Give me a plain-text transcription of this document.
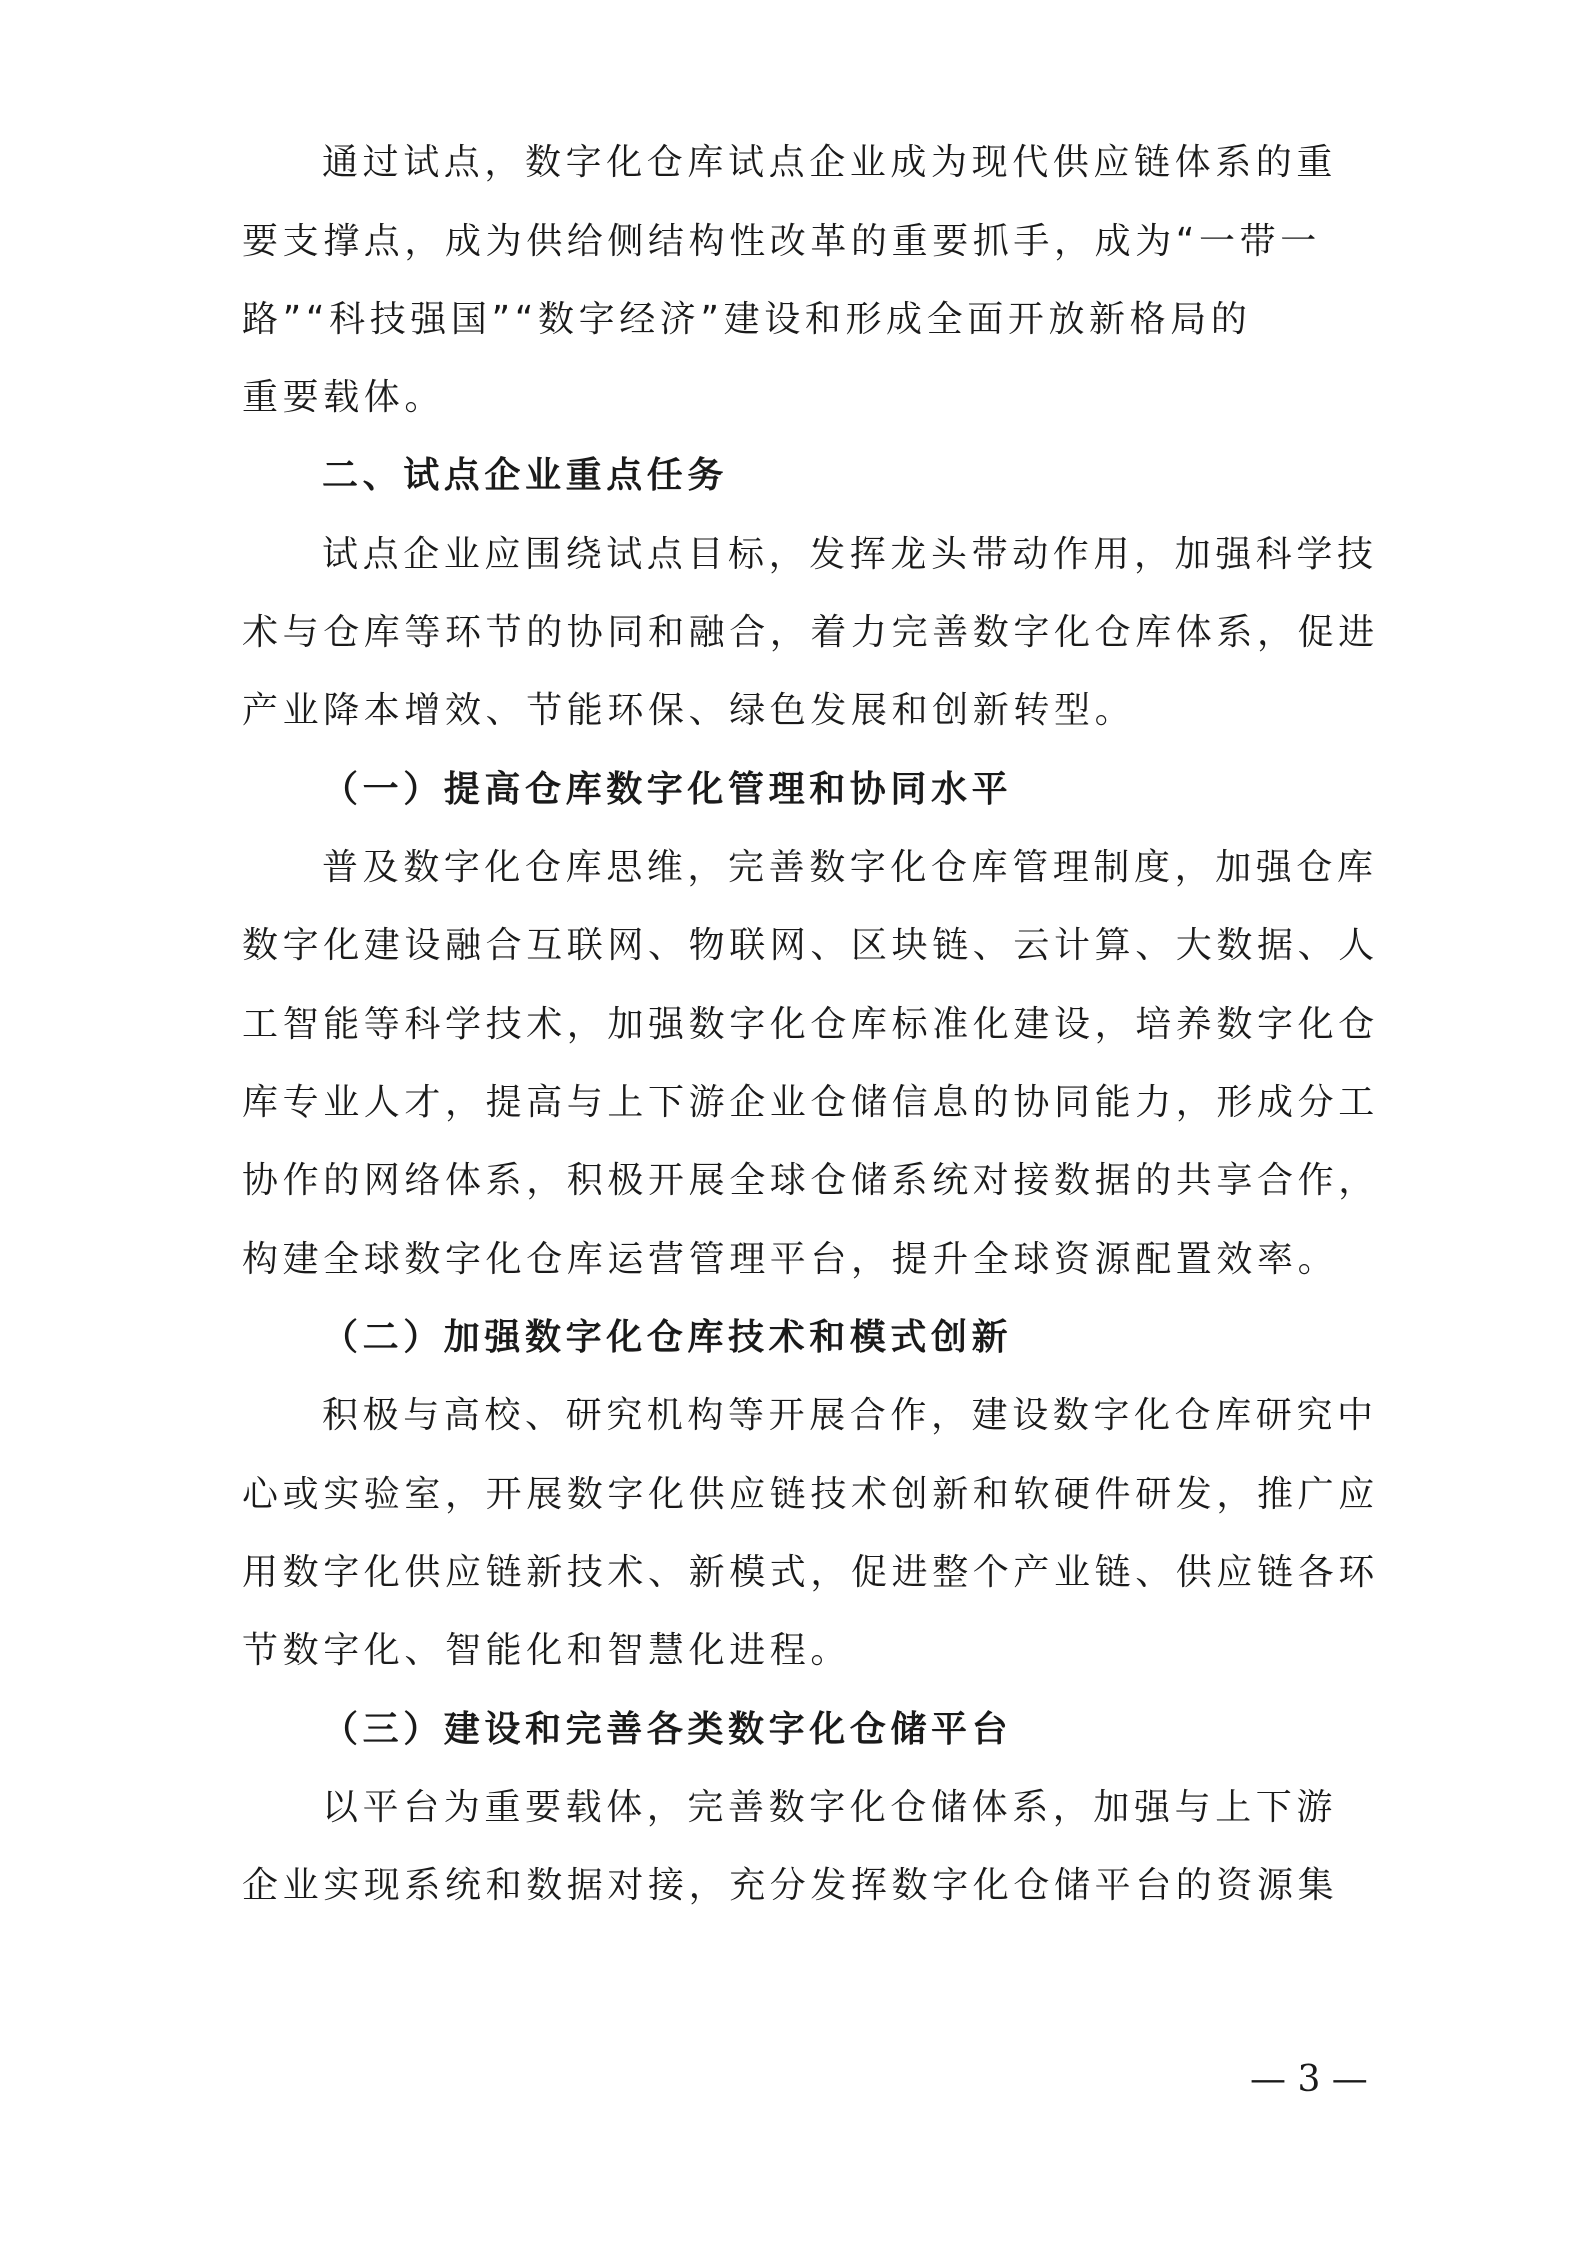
通过试点，数字化仓库试点企业成为现代供应链体系的重

要支撑点，成为供给侧结构性改革的重要抓手，成为“一带一

路”“科技强国”“数字经济”建设和形成全面开放新格局的

重要载体。

二、试点企业重点任务

试点企业应围绕试点目标，发挥龙头带动作用，加强科学技

术与仓库等环节的协同和融合，着力完善数字化仓库体系，促进

产业降本增效、节能环保、绿色发展和创新转型。

（一）提高仓库数字化管理和协同水平

普及数字化仓库思维，完善数字化仓库管理制度，加强仓库

数字化建设融合互联网、物联网、区块链、云计算、大数据、人

工智能等科学技术，加强数字化仓库标准化建设，培养数字化仓

库专业人才，提高与上下游企业仓储信息的协同能力，形成分工

协作的网络体系，积极开展全球仓储系统对接数据的共享合作，

构建全球数字化仓库运营管理平台，提升全球资源配置效率。

（二）加强数字化仓库技术和模式创新

积极与高校、研究机构等开展合作，建设数字化仓库研究中

心或实验室，开展数字化供应链技术创新和软硬件研发，推广应

用数字化供应链新技术、新模式，促进整个产业链、供应链各环

节数字化、智能化和智慧化进程。

（三）建设和完善各类数字化仓储平台

以平台为重要载体，完善数字化仓储体系，加强与上下游

企业实现系统和数据对接，充分发挥数字化仓储平台的资源集

— 3 —
